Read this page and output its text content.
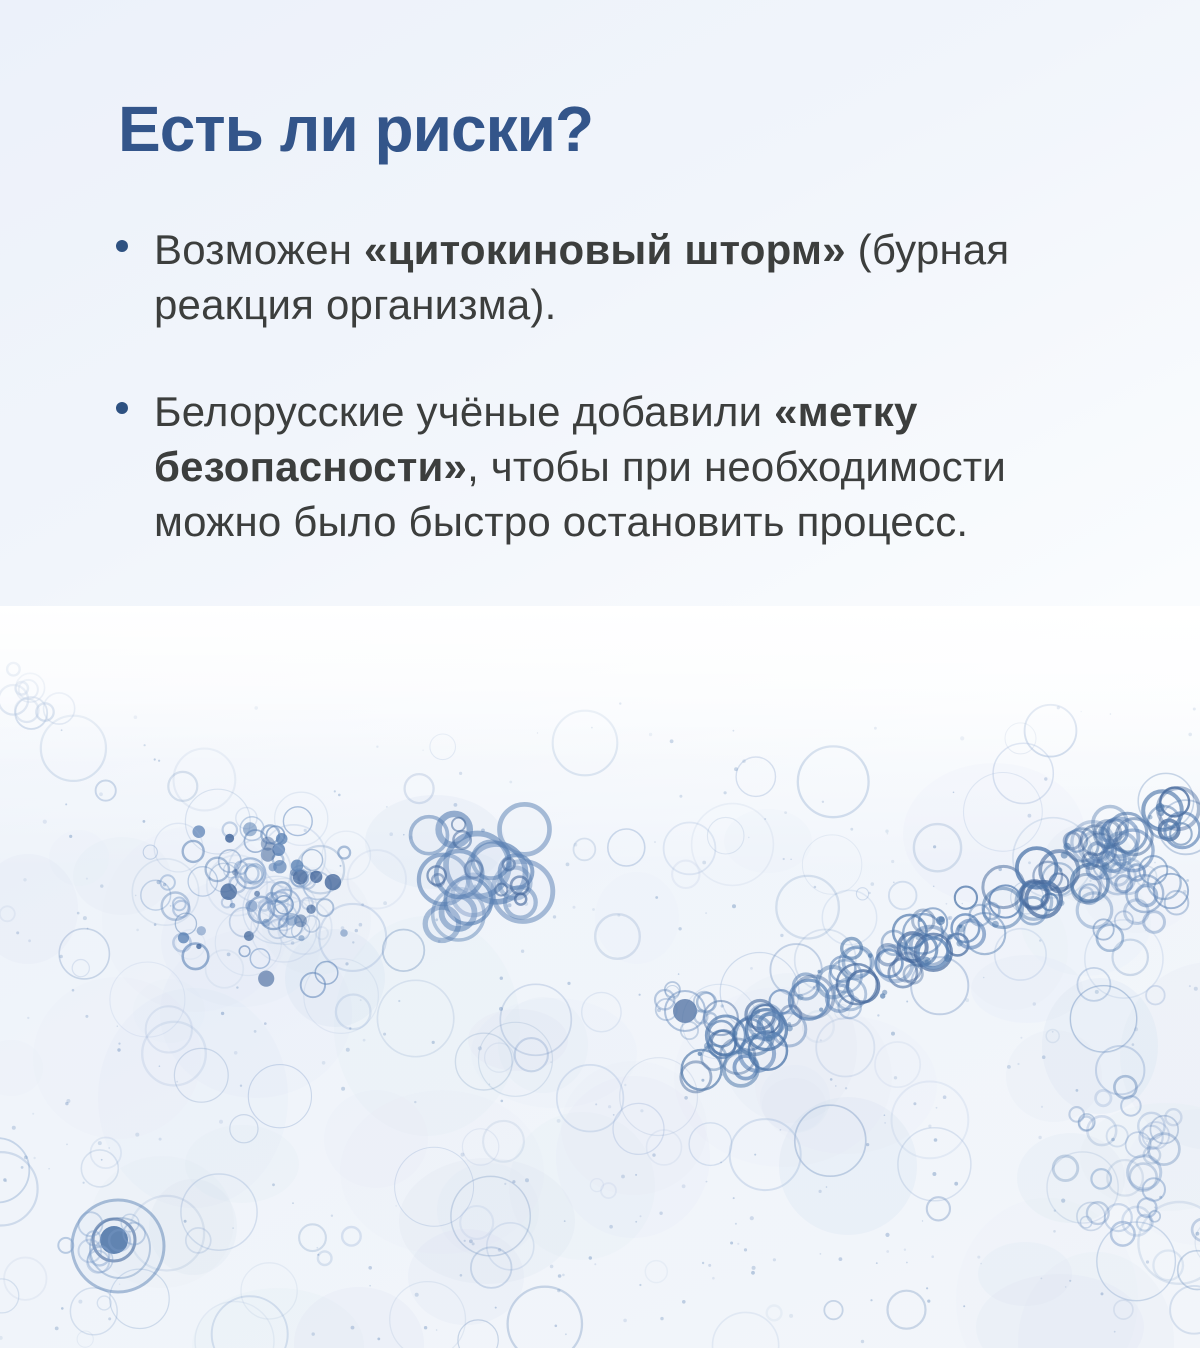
Есть ли риски?
Возможен «цитокиновый шторм» (бурная
реакция организма).
Белорусские учёные добавили «метку
безопасности», чтобы при необходимости
можно было быстро остановить процесс.
